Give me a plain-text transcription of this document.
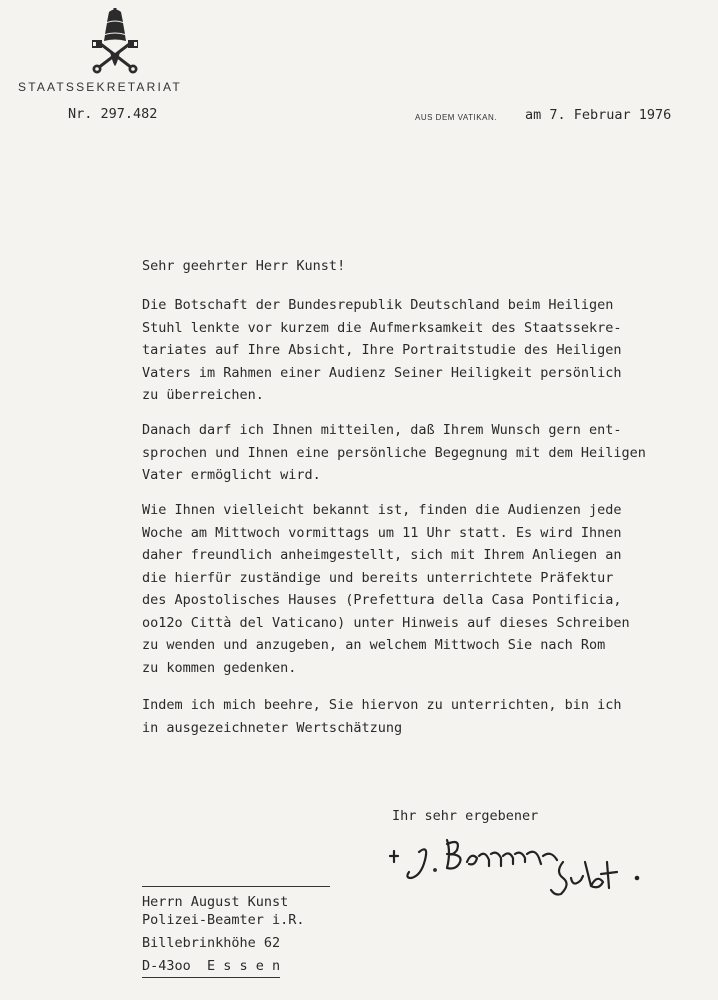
STAATSSEKRETARIAT
Nr. 297.482	AUS DEM VATIKAN. am 7. Februar 1976
Sehr geehrter Herr Kunst!

Die Botschaft der Bundesrepublik Deutschland beim Heiligen
Stuhl lenkte vor kurzem die Aufmerksamkeit des Staatssekre-
tariates auf Ihre Absicht, Ihre Portraitstudie des Heiligen
Vaters im Rahmen einer Audienz Seiner Heiligkeit persönlich
zu überreichen.

Danach darf ich Ihnen mitteilen, daß Ihrem Wunsch gern ent-
sprochen und Ihnen eine persönliche Begegnung mit dem Heiligen
Vater ermöglicht wird.

Wie Ihnen vielleicht bekannt ist, finden die Audienzen jede
Woche am Mittwoch vormittags um 11 Uhr statt. Es wird Ihnen
daher freundlich anheimgestellt, sich mit Ihrem Anliegen an
die hierfür zuständige und bereits unterrichtete Präfektur
des Apostolisches Hauses (Prefettura della Casa Pontificia,
oo12o Città del Vaticano) unter Hinweis auf dieses Schreiben
zu wenden und anzugeben, an welchem Mittwoch Sie nach Rom
zu kommen gedenken.

Indem ich mich beehre, Sie hiervon zu unterrichten, bin ich
in ausgezeichneter Wertschätzung

Ihr sehr ergebener
Herrn August Kunst
Polizei-Beamter i.R.
Billebrinkhöhe 62
D-43oo  E s s e n
